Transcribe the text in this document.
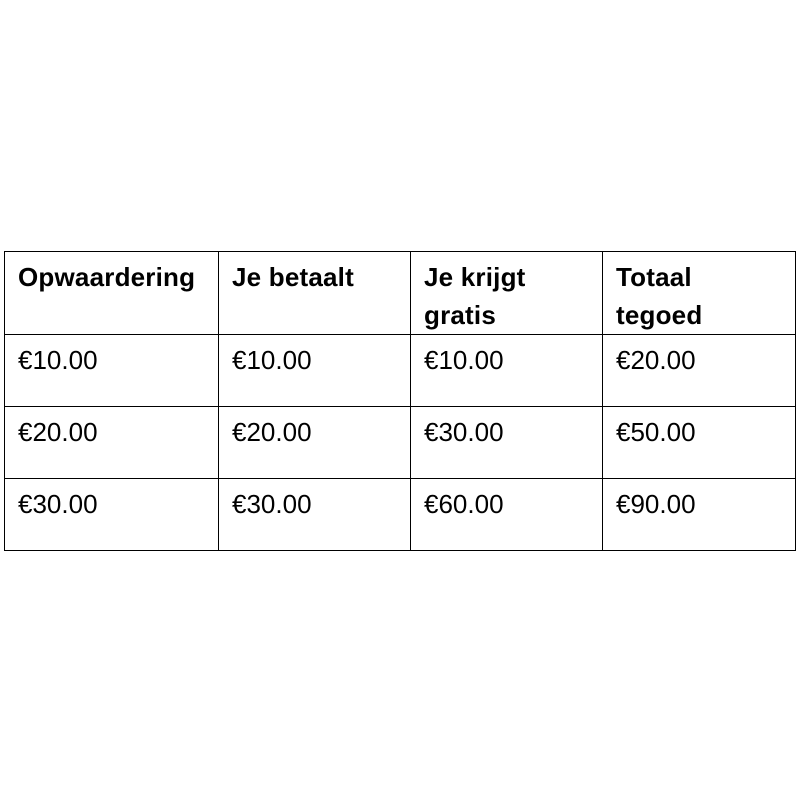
Opwaardering	Je betaalt	Je krijgt gratis	Totaal tegoed

€10.00	€10.00	€10.00	€20.00
€20.00	€20.00	€30.00	€50.00
€30.00	€30.00	€60.00	€90.00
